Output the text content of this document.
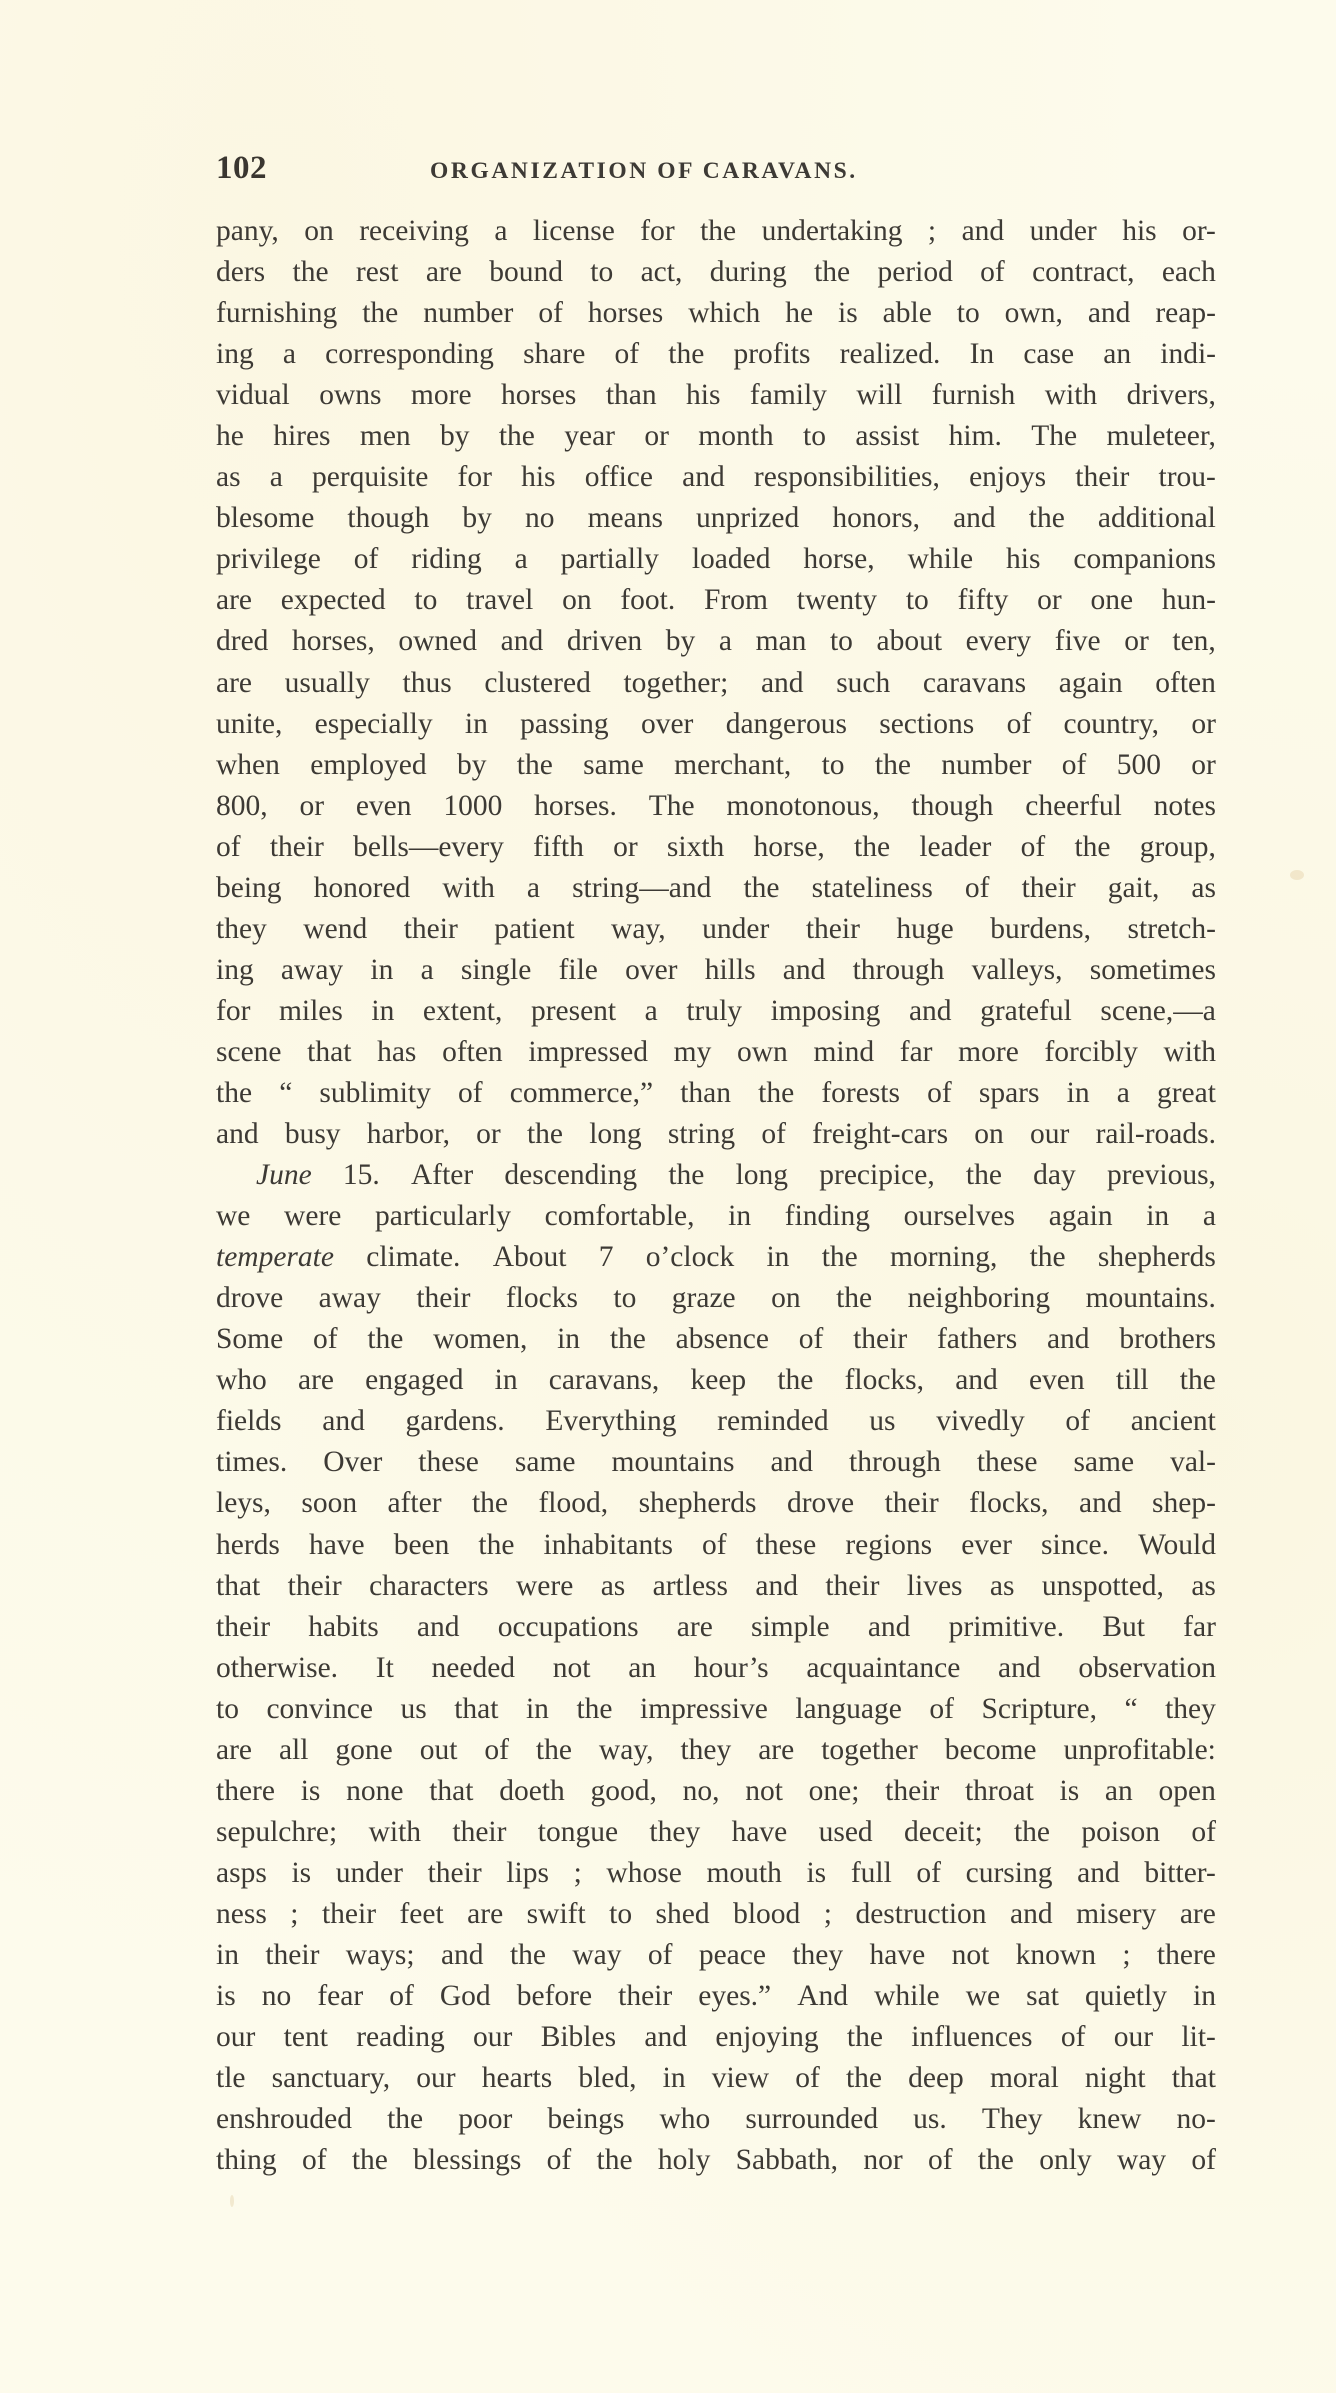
102	ORGANIZATION OF CARAVANS.
pany, on receiving a license for the undertaking ; and under his or-
ders the rest are bound to act, during the period of contract, each
furnishing the number of horses which he is able to own, and reap-
ing a corresponding share of the profits realized. In case an indi-
vidual owns more horses than his family will furnish with drivers,
he hires men by the year or month to assist him. The muleteer,
as a perquisite for his office and responsibilities, enjoys their trou-
blesome though by no means unprized honors, and the additional
privilege of riding a partially loaded horse, while his companions
are expected to travel on foot. From twenty to fifty or one hun-
dred horses, owned and driven by a man to about every five or ten,
are usually thus clustered together; and such caravans again often
unite, especially in passing over dangerous sections of country, or
when employed by the same merchant, to the number of 500 or
800, or even 1000 horses. The monotonous, though cheerful notes
of their bells—every fifth or sixth horse, the leader of the group,
being honored with a string—and the stateliness of their gait, as
they wend their patient way, under their huge burdens, stretch-
ing away in a single file over hills and through valleys, sometimes
for miles in extent, present a truly imposing and grateful scene,—a
scene that has often impressed my own mind far more forcibly with
the “ sublimity of commerce,” than the forests of spars in a great
and busy harbor, or the long string of freight-cars on our rail-roads.
June 15. After descending the long precipice, the day previous,
we were particularly comfortable, in finding ourselves again in a
temperate climate. About 7 o’clock in the morning, the shepherds
drove away their flocks to graze on the neighboring mountains.
Some of the women, in the absence of their fathers and brothers
who are engaged in caravans, keep the flocks, and even till the
fields and gardens. Everything reminded us vivedly of ancient
times. Over these same mountains and through these same val-
leys, soon after the flood, shepherds drove their flocks, and shep-
herds have been the inhabitants of these regions ever since. Would
that their characters were as artless and their lives as unspotted, as
their habits and occupations are simple and primitive. But far
otherwise. It needed not an hour’s acquaintance and observation
to convince us that in the impressive language of Scripture, “ they
are all gone out of the way, they are together become unprofitable:
there is none that doeth good, no, not one; their throat is an open
sepulchre; with their tongue they have used deceit; the poison of
asps is under their lips ; whose mouth is full of cursing and bitter-
ness ; their feet are swift to shed blood ; destruction and misery are
in their ways; and the way of peace they have not known ; there
is no fear of God before their eyes.” And while we sat quietly in
our tent reading our Bibles and enjoying the influences of our lit-
tle sanctuary, our hearts bled, in view of the deep moral night that
enshrouded the poor beings who surrounded us. They knew no-
thing of the blessings of the holy Sabbath, nor of the only way of
